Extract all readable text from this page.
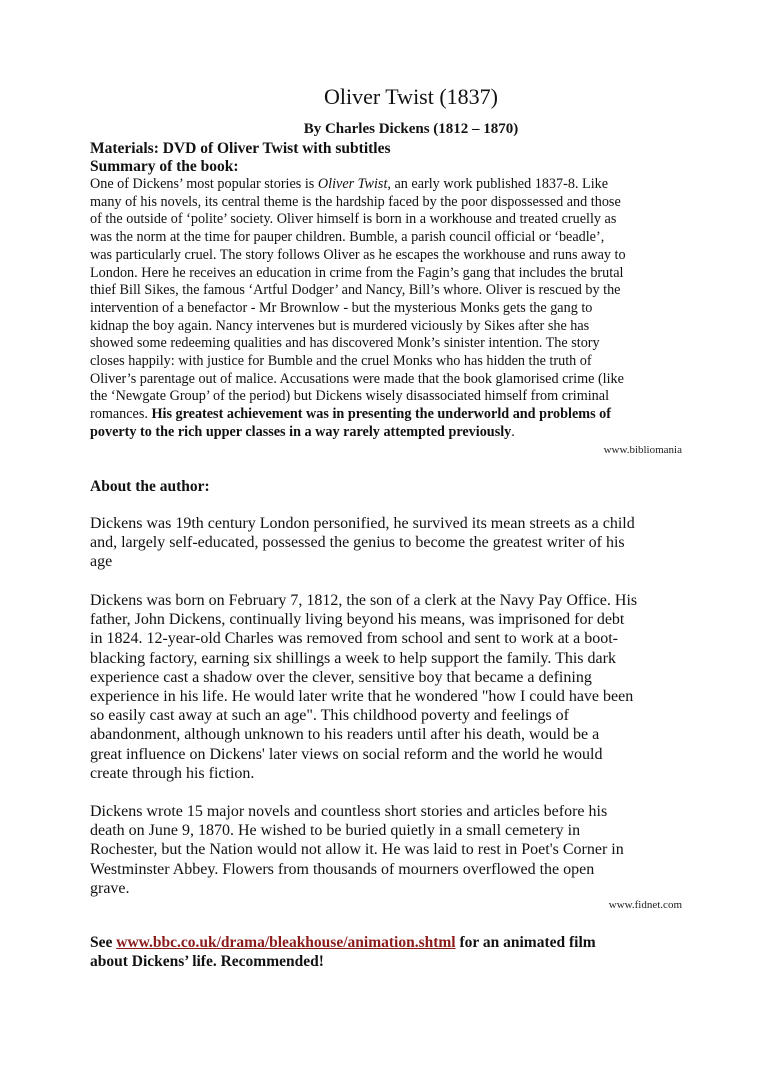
Oliver Twist (1837)
By Charles Dickens (1812 – 1870)
Materials: DVD of Oliver Twist with subtitles
Summary of the book:
One of Dickens’ most popular stories is Oliver Twist, an early work published 1837-8. Like
many of his novels, its central theme is the hardship faced by the poor dispossessed and those
of the outside of ‘polite’ society. Oliver himself is born in a workhouse and treated cruelly as
was the norm at the time for pauper children. Bumble, a parish council official or ‘beadle’,
was particularly cruel. The story follows Oliver as he escapes the workhouse and runs away to
London. Here he receives an education in crime from the Fagin’s gang that includes the brutal
thief Bill Sikes, the famous ‘Artful Dodger’ and Nancy, Bill’s whore. Oliver is rescued by the
intervention of a benefactor - Mr Brownlow - but the mysterious Monks gets the gang to
kidnap the boy again. Nancy intervenes but is murdered viciously by Sikes after she has
showed some redeeming qualities and has discovered Monk’s sinister intention. The story
closes happily: with justice for Bumble and the cruel Monks who has hidden the truth of
Oliver’s parentage out of malice. Accusations were made that the book glamorised crime (like
the ‘Newgate Group’ of the period) but Dickens wisely disassociated himself from criminal
romances. His greatest achievement was in presenting the underworld and problems of
poverty to the rich upper classes in a way rarely attempted previously.
www.bibliomania
About the author:
Dickens was 19th century London personified, he survived its mean streets as a child
and, largely self-educated, possessed the genius to become the greatest writer of his
age
Dickens was born on February 7, 1812, the son of a clerk at the Navy Pay Office. His
father, John Dickens, continually living beyond his means, was imprisoned for debt
in 1824. 12-year-old Charles was removed from school and sent to work at a boot-
blacking factory, earning six shillings a week to help support the family. This dark
experience cast a shadow over the clever, sensitive boy that became a defining
experience in his life. He would later write that he wondered "how I could have been
so easily cast away at such an age". This childhood poverty and feelings of
abandonment, although unknown to his readers until after his death, would be a
great influence on Dickens' later views on social reform and the world he would
create through his fiction.
Dickens wrote 15 major novels and countless short stories and articles before his
death on June 9, 1870. He wished to be buried quietly in a small cemetery in
Rochester, but the Nation would not allow it. He was laid to rest in Poet's Corner in
Westminster Abbey. Flowers from thousands of mourners overflowed the open
grave.
www.fidnet.com
See www.bbc.co.uk/drama/bleakhouse/animation.shtml for an animated film
about Dickens’ life. Recommended!
